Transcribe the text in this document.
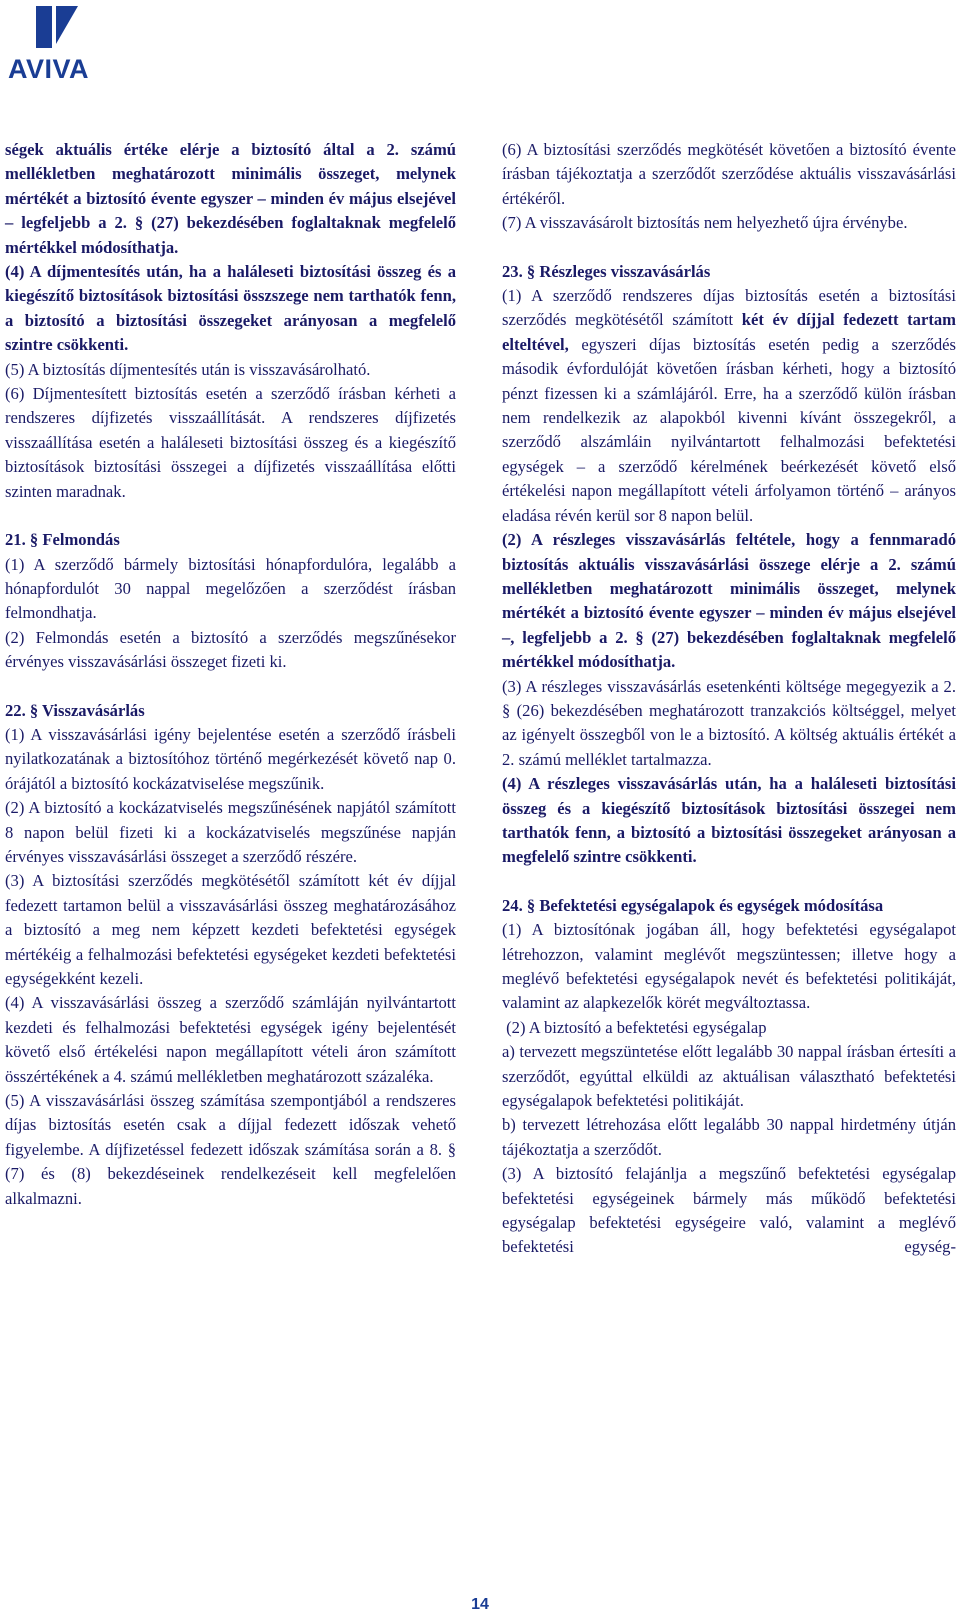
AVIVA

ségek aktuális értéke elérje a biztosító által a 2. számú mellékletben meghatározott minimális összeget, melynek mértékét a biztosító évente egyszer – minden év május elsejével – legfeljebb a 2. § (27) bekezdésében foglaltaknak megfelelő mértékkel módosíthatja.

(4) A díjmentesítés után, ha a haláleseti biztosítási összeg és a kiegészítő biztosítások biztosítási összszege nem tarthatók fenn, a biztosító a biztosítási összegeket arányosan a megfelelő szintre csökkenti.

(5) A biztosítás díjmentesítés után is visszavásárolható.

(6) Díjmentesített biztosítás esetén a szerződő írásban kérheti a rendszeres díjfizetés visszaállítását. A rendszeres díjfizetés visszaállítása esetén a haláleseti biztosítási összeg és a kiegészítő biztosítások biztosítási összegei a díjfizetés visszaállítása előtti szinten maradnak.

21. § Felmondás

(1) A szerződő bármely biztosítási hónapfordulóra, legalább a hónapfordulót 30 nappal megelőzően a szerződést írásban felmondhatja.

(2) Felmondás esetén a biztosító a szerződés megszűnésekor érvényes visszavásárlási összeget fizeti ki.

22. § Visszavásárlás

(1) A visszavásárlási igény bejelentése esetén a szerződő írásbeli nyilatkozatának a biztosítóhoz történő megérkezését követő nap 0. órájától a biztosító kockázatviselése megszűnik.

(2) A biztosító a kockázatviselés megszűnésének napjától számított 8 napon belül fizeti ki a kockázatviselés megszűnése napján érvényes visszavásárlási összeget a szerződő részére.

(3) A biztosítási szerződés megkötésétől számított két év díjjal fedezett tartamon belül a visszavásárlási összeg meghatározásához a biztosító a meg nem képzett kezdeti befektetési egységek mértékéig a felhalmozási befektetési egységeket kezdeti befektetési egységekként kezeli.

(4) A visszavásárlási összeg a szerződő számláján nyilvántartott kezdeti és felhalmozási befektetési egységek igény bejelentését követő első értékelési napon megállapított vételi áron számított összértékének a 4. számú mellékletben meghatározott százaléka.

(5) A visszavásárlási összeg számítása szempontjából a rendszeres díjas biztosítás esetén csak a díjjal fedezett időszak vehető figyelembe. A díjfizetéssel fedezett időszak számítása során a 8. § (7) és (8) bekezdéseinek rendelkezéseit kell megfelelően alkalmazni.

(6) A biztosítási szerződés megkötését követően a biztosító évente írásban tájékoztatja a szerződőt szerződése aktuális visszavásárlási értékéről.

(7) A visszavásárolt biztosítás nem helyezhető újra érvénybe.

23. § Részleges visszavásárlás

(1) A szerződő rendszeres díjas biztosítás esetén a biztosítási szerződés megkötésétől számított két év díjjal fedezett tartam elteltével, egyszeri díjas biztosítás esetén pedig a szerződés második évfordulóját követően írásban kérheti, hogy a biztosító pénzt fizessen ki a számlájáról. Erre, ha a szerződő külön írásban nem rendelkezik az alapokból kivenni kívánt összegekről, a szerződő alszámláin nyilvántartott felhalmozási befektetési egységek – a szerződő kérelmének beérkezését követő első értékelési napon megállapított vételi árfolyamon történő – arányos eladása révén kerül sor 8 napon belül.

(2) A részleges visszavásárlás feltétele, hogy a fennmaradó biztosítás aktuális visszavásárlási összege elérje a 2. számú mellékletben meghatározott minimális összeget, melynek mértékét a biztosító évente egyszer – minden év május elsejével –, legfeljebb a 2. § (27) bekezdésében foglaltaknak megfelelő mértékkel módosíthatja.

(3) A részleges visszavásárlás esetenkénti költsége megegyezik a 2. § (26) bekezdésében meghatározott tranzakciós költséggel, melyet az igényelt összegből von le a biztosító. A költség aktuális értékét a 2. számú melléklet tartalmazza.

(4) A részleges visszavásárlás után, ha a haláleseti biztosítási összeg és a kiegészítő biztosítások biztosítási összegei nem tarthatók fenn, a biztosító a biztosítási összegeket arányosan a megfelelő szintre csökkenti.

24. § Befektetési egységalapok és egységek módosítása

(1) A biztosítónak jogában áll, hogy befektetési egységalapot létrehozzon, valamint meglévőt megszüntessen; illetve hogy a meglévő befektetési egységalapok nevét és befektetési politikáját, valamint az alapkezelők körét megváltoztassa.

(2) A biztosító a befektetési egységalap

a) tervezett megszüntetése előtt legalább 30 nappal írásban értesíti a szerződőt, egyúttal elküldi az aktuálisan választható befektetési egységalapok befektetési politikáját.

b) tervezett létrehozása előtt legalább 30 nappal hirdetmény útján tájékoztatja a szerződőt.

(3) A biztosító felajánlja a megszűnő befektetési egységalap befektetési egységeinek bármely más működő befektetési egységalap befektetési egységeire való, valamint a meglévő befektetési egység-

14
